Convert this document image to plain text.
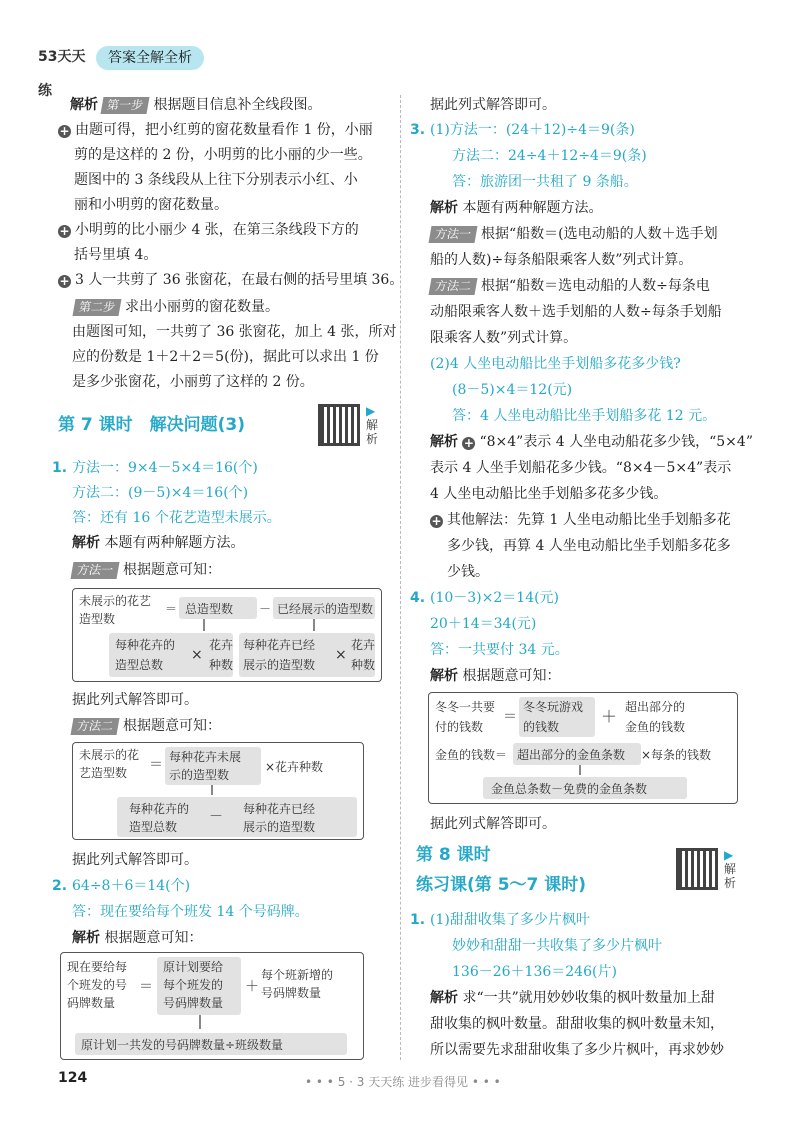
53天天练
答案全解全析
解析 第一步 根据题目信息补全线段图。
+ 由题可得，把小红剪的窗花数量看作 1 份，小丽
剪的是这样的 2 份，小明剪的比小丽的少一些。
题图中的 3 条线段从上往下分别表示小红、小
丽和小明剪的窗花数量。
+ 小明剪的比小丽少 4 张，在第三条线段下方的
括号里填 4。
+ 3 人一共剪了 36 张窗花，在最右侧的括号里填 36。
第二步 求出小丽剪的窗花数量。
由题图可知，一共剪了 36 张窗花，加上 4 张，所对
应的份数是 1＋2＋2＝5(份)，据此可以求出 1 份
是多少张窗花，小丽剪了这样的 2 份。
第 7 课时　解决问题(3)
▶
解析
1. 方法一：9×4－5×4＝16(个)
方法二：(9－5)×4＝16(个)
答：还有 16 个花艺造型未展示。
解析 本题有两种解题方法。
方法一 根据题意可知：
未展示的花艺
造型数
＝ 总造型数 － 已经展示的造型数
每种花卉的
造型总数
×
花卉
种数
每种花卉已经
展示的造型数
×
花卉
种数
据此列式解答即可。
方法二 根据题意可知：
未展示的花
艺造型数 ＝ 每种花卉未展
示的造型数
×花卉种数
每种花卉的
造型总数
－ 每种花卉已经
展示的造型数
据此列式解答即可。
2. 64÷8＋6＝14(个)
答：现在要给每个班发 14 个号码牌。
解析 根据题意可知：
现在要给每
个班发的号
码牌数量
＝
原计划要给
每个班发的
号码牌数量
＋
每个班新增的
号码牌数量
原计划一共发的号码牌数量÷班级数量
124	• • • 5 · 3 天天练 进步看得见 • • •
据此列式解答即可。
3. (1)方法一：(24＋12)÷4＝9(条)
方法二：24÷4＋12÷4＝9(条)
答：旅游团一共租了 9 条船。
解析 本题有两种解题方法。
方法一 根据“船数＝(选电动船的人数＋选手划
船的人数)÷每条船限乘客人数”列式计算。
方法二 根据“船数＝选电动船的人数÷每条电
动船限乘客人数＋选手划船的人数÷每条手划船
限乘客人数”列式计算。
(2)4 人坐电动船比坐手划船多花多少钱?
(8－5)×4＝12(元)
答：4 人坐电动船比坐手划船多花 12 元。
解析 + “8×4”表示 4 人坐电动船花多少钱，“5×4”
表示 4 人坐手划船花多少钱。“8×4－5×4”表示
4 人坐电动船比坐手划船多花多少钱。
+ 其他解法：先算 1 人坐电动船比坐手划船多花
多少钱，再算 4 人坐电动船比坐手划船多花多
少钱。
4. (10－3)×2＝14(元)
20＋14＝34(元)
答：一共要付 34 元。
解析 根据题意可知：
冬冬一共要
付的钱数
＝
冬冬玩游戏
的钱数
＋ 超出部分的
金鱼的钱数
金鱼的钱数＝ 超出部分的金鱼条数 ×每条的钱数
金鱼总条数－免费的金鱼条数
据此列式解答即可。
第 8 课时
练习课(第 5～7 课时)
▶
解析
1. (1)甜甜收集了多少片枫叶
妙妙和甜甜一共收集了多少片枫叶
136－26＋136＝246(片)
解析 求“一共”就用妙妙收集的枫叶数量加上甜
甜收集的枫叶数量。甜甜收集的枫叶数量未知，
所以需要先求甜甜收集了多少片枫叶，再求妙妙
